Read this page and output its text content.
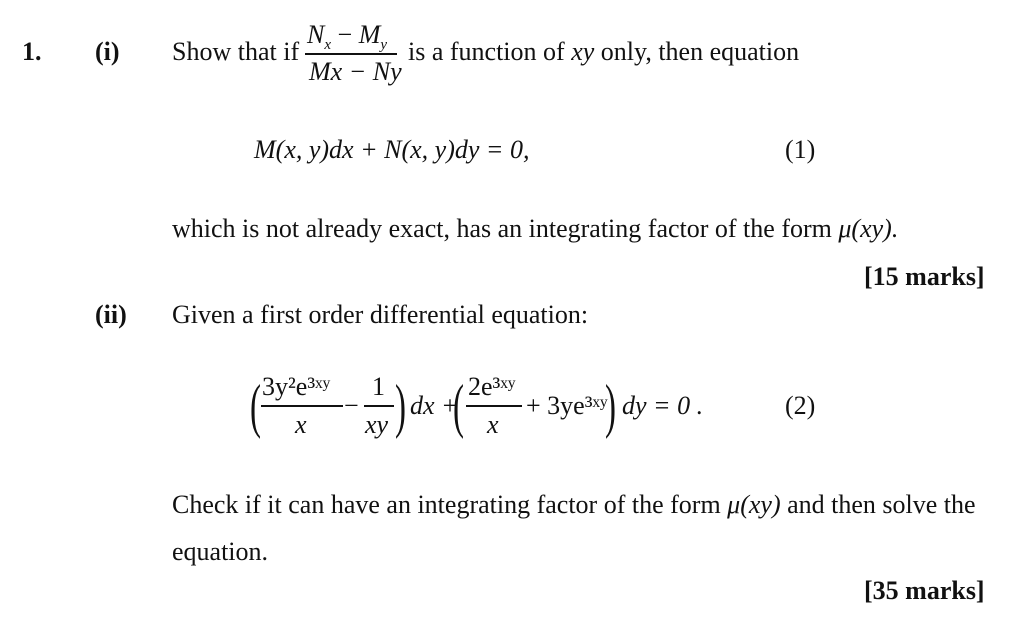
1. (i) Show that if
$N_x - M_y$
Mx − Ny
is a function of xy only, then equation
M(x, y)dx + N(x, y)dy = 0,	(1)
which is not already exact, has an integrating factor of the form μ(xy).
[15 marks]
(ii) Given a first order differential equation:
( 3y²e³ˣʸ
x
−
1
xy ) dx +
( 2e³ˣʸ
x
+ 3ye³ˣʸ
) dy = 0 .	(2)
Check if it can have an integrating factor of the form μ(xy) and then solve the
equation.
[35 marks]
